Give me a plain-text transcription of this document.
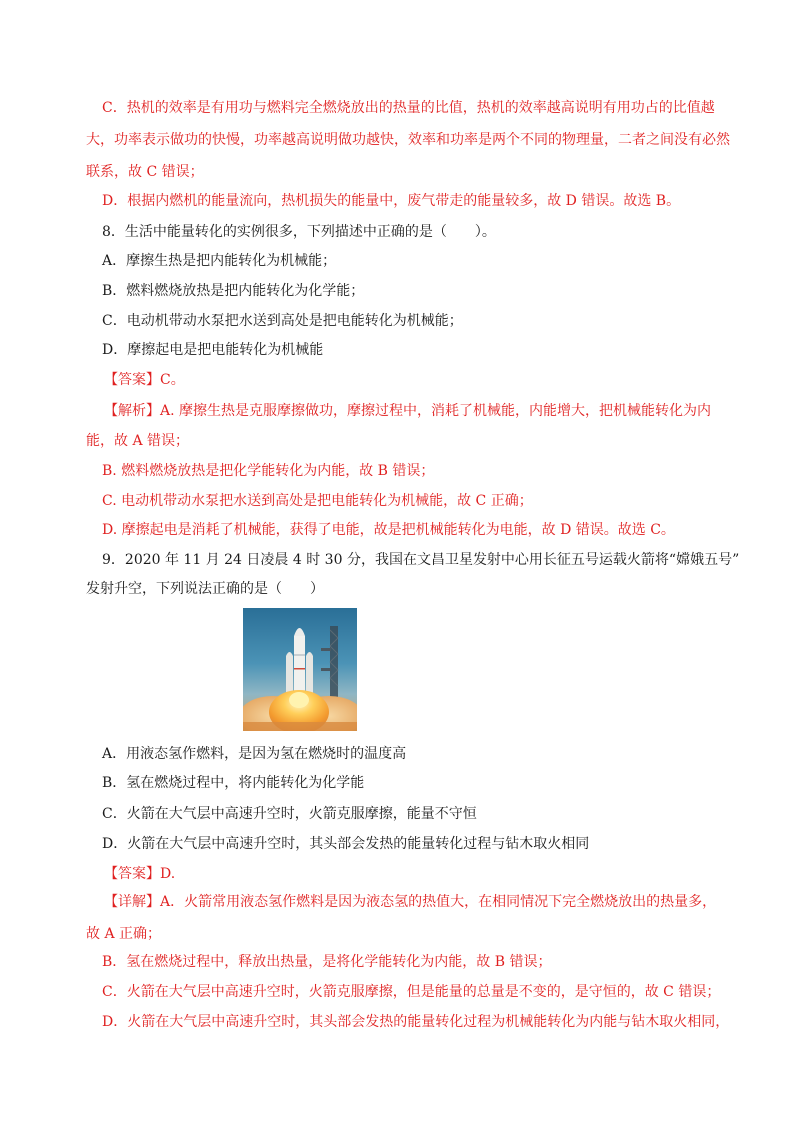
C．热机的效率是有用功与燃料完全燃烧放出的热量的比值，热机的效率越高说明有用功占的比值越
大，功率表示做功的快慢，功率越高说明做功越快，效率和功率是两个不同的物理量，二者之间没有必然
联系，故 C 错误；
D．根据内燃机的能量流向，热机损失的能量中，废气带走的能量较多，故 D 错误。故选 B。
8．生活中能量转化的实例很多，下列描述中正确的是（　　）。
A．摩擦生热是把内能转化为机械能；
B．燃料燃烧放热是把内能转化为化学能；
C．电动机带动水泵把水送到高处是把电能转化为机械能；
D．摩擦起电是把电能转化为机械能
【答案】C。
【解析】A. 摩擦生热是克服摩擦做功，摩擦过程中，消耗了机械能，内能增大，把机械能转化为内
能，故 A 错误；
B. 燃料燃烧放热是把化学能转化为内能，故 B 错误；
C. 电动机带动水泵把水送到高处是把电能转化为机械能，故 C 正确；
D. 摩擦起电是消耗了机械能，获得了电能，故是把机械能转化为电能，故 D 错误。故选 C。
9．2020 年 11 月 24 日凌晨 4 时 30 分，我国在文昌卫星发射中心用长征五号运载火箭将“嫦娥五号”
发射升空，下列说法正确的是（　　）
A．用液态氢作燃料，是因为氢在燃烧时的温度高
B．氢在燃烧过程中，将内能转化为化学能
C．火箭在大气层中高速升空时，火箭克服摩擦，能量不守恒
D．火箭在大气层中高速升空时，其头部会发热的能量转化过程与钻木取火相同
【答案】D.
【详解】A．火箭常用液态氢作燃料是因为液态氢的热值大，在相同情况下完全燃烧放出的热量多，
故 A 正确；
B．氢在燃烧过程中，释放出热量，是将化学能转化为内能，故 B 错误；
C．火箭在大气层中高速升空时，火箭克服摩擦，但是能量的总量是不变的，是守恒的，故 C 错误；
D．火箭在大气层中高速升空时，其头部会发热的能量转化过程为机械能转化为内能与钻木取火相同，
